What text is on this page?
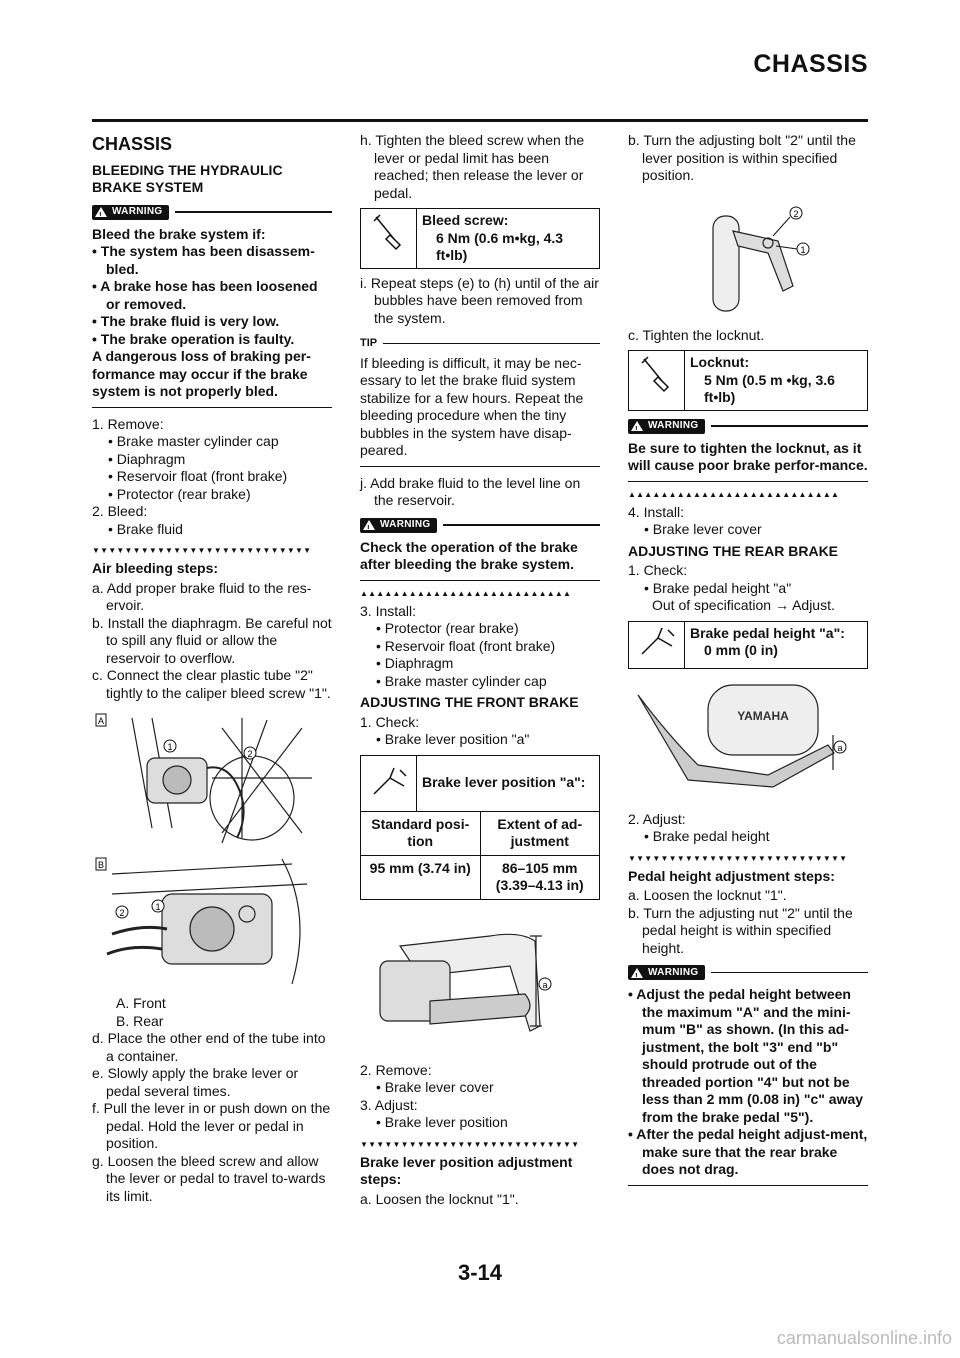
CHASSIS
CHASSIS
BLEEDING THE HYDRAULIC BRAKE SYSTEM
!
WARNING
Bleed the brake system if:
• The system has been disassem-bled.
• A brake hose has been loosened or removed.
• The brake fluid is very low.
• The brake operation is faulty.
A dangerous loss of braking per-formance may occur if the brake system is not properly bled.
1. Remove:
• Brake master cylinder cap
• Diaphragm
• Reservoir float (front brake)
• Protector (rear brake)
2. Bleed:
• Brake fluid
▼▼▼▼▼▼▼▼▼▼▼▼▼▼▼▼▼▼▼▼▼▼▼▼▼▼▼
Air bleeding steps:
a. Add proper brake fluid to the res-ervoir.
b. Install the diaphragm. Be careful not to spill any fluid or allow the reservoir to overflow.
c. Connect the clear plastic tube "2" tightly to the caliper bleed screw "1".
A
1
2
B
2
1
A. Front
B. Rear
d. Place the other end of the tube into a container.
e. Slowly apply the brake lever or pedal several times.
f. Pull the lever in or push down on the pedal. Hold the lever or pedal in position.
g. Loosen the bleed screw and allow the lever or pedal to travel to-wards its limit.
h. Tighten the bleed screw when the lever or pedal limit has been reached; then release the lever or pedal.
Bleed screw:
6 Nm (0.6 m•kg, 4.3 ft•lb)
i. Repeat steps (e) to (h) until of the air bubbles have been removed from the system.
TIP
If bleeding is difficult, it may be nec-essary to let the brake fluid system stabilize for a few hours. Repeat the bleeding procedure when the tiny bubbles in the system have disap-peared.
j. Add brake fluid to the level line on the reservoir.
!
WARNING
Check the operation of the brake after bleeding the brake system.
▲▲▲▲▲▲▲▲▲▲▲▲▲▲▲▲▲▲▲▲▲▲▲▲▲▲
3. Install:
• Protector (rear brake)
• Reservoir float (front brake)
• Diaphragm
• Brake master cylinder cap
ADJUSTING THE FRONT BRAKE
1. Check:
• Brake lever position "a"
Brake lever position "a":
Standard posi-tion
Extent of ad-justment
95 mm (3.74 in)	86–105 mm (3.39–4.13 in)
a
2. Remove:
• Brake lever cover
3. Adjust:
• Brake lever position
▼▼▼▼▼▼▼▼▼▼▼▼▼▼▼▼▼▼▼▼▼▼▼▼▼▼▼
Brake lever position adjustment steps:
a. Loosen the locknut "1".
b. Turn the adjusting bolt "2" until the lever position is within specified position.
2
1
c. Tighten the locknut.
Locknut:
5 Nm (0.5 m •kg, 3.6 ft•lb)
!
WARNING
Be sure to tighten the locknut, as it will cause poor brake perfor-mance.
▲▲▲▲▲▲▲▲▲▲▲▲▲▲▲▲▲▲▲▲▲▲▲▲▲▲
4. Install:
• Brake lever cover
ADJUSTING THE REAR BRAKE
1. Check:
• Brake pedal height "a"
Out of specification → Adjust.
Brake pedal height "a":
0 mm (0 in)
YAMAHA
a
2. Adjust:
• Brake pedal height
▼▼▼▼▼▼▼▼▼▼▼▼▼▼▼▼▼▼▼▼▼▼▼▼▼▼▼
Pedal height adjustment steps:
a. Loosen the locknut "1".
b. Turn the adjusting nut "2" until the pedal height is within specified height.
!
WARNING
• Adjust the pedal height between the maximum "A" and the mini-mum "B" as shown. (In this ad-justment, the bolt "3" end "b" should protrude out of the threaded portion "4" but not be less than 2 mm (0.08 in) "c" away from the brake pedal "5").
• After the pedal height adjust-ment, make sure that the rear brake does not drag.
3-14
carmanualsonline.info
